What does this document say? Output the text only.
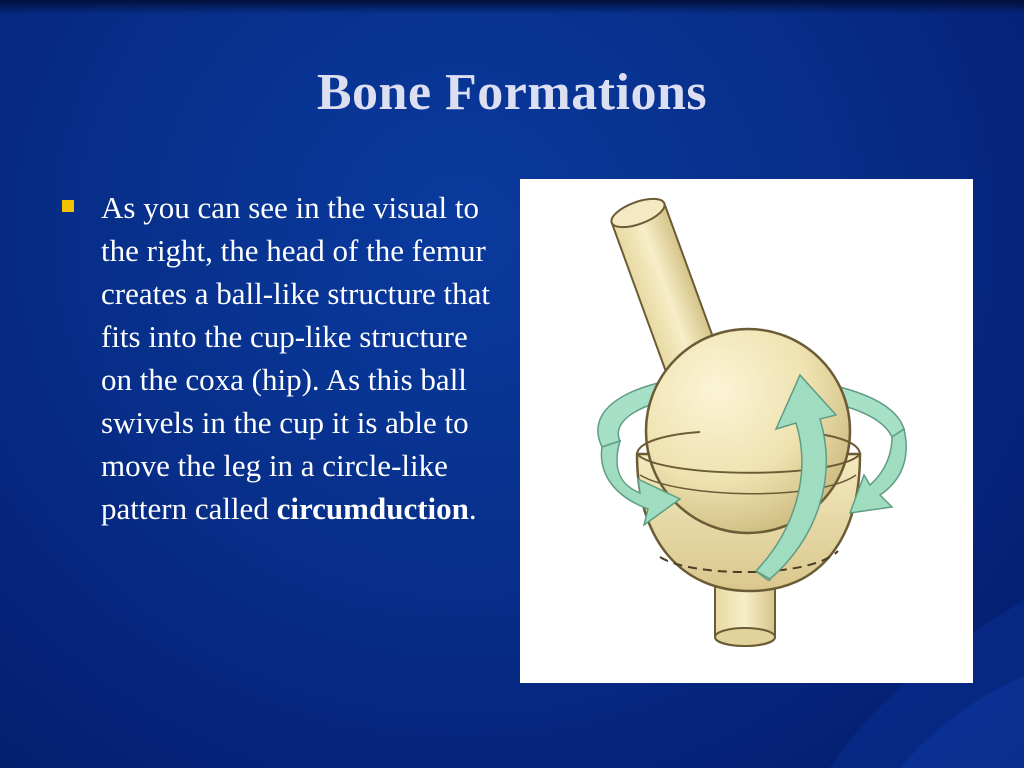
Bone Formations
As you can see in the visual to the right, the head of the femur creates a ball-like structure that fits into the cup-like structure on the coxa (hip). As this ball swivels in the cup it is able to move the leg in a circle-like pattern called circumduction.
